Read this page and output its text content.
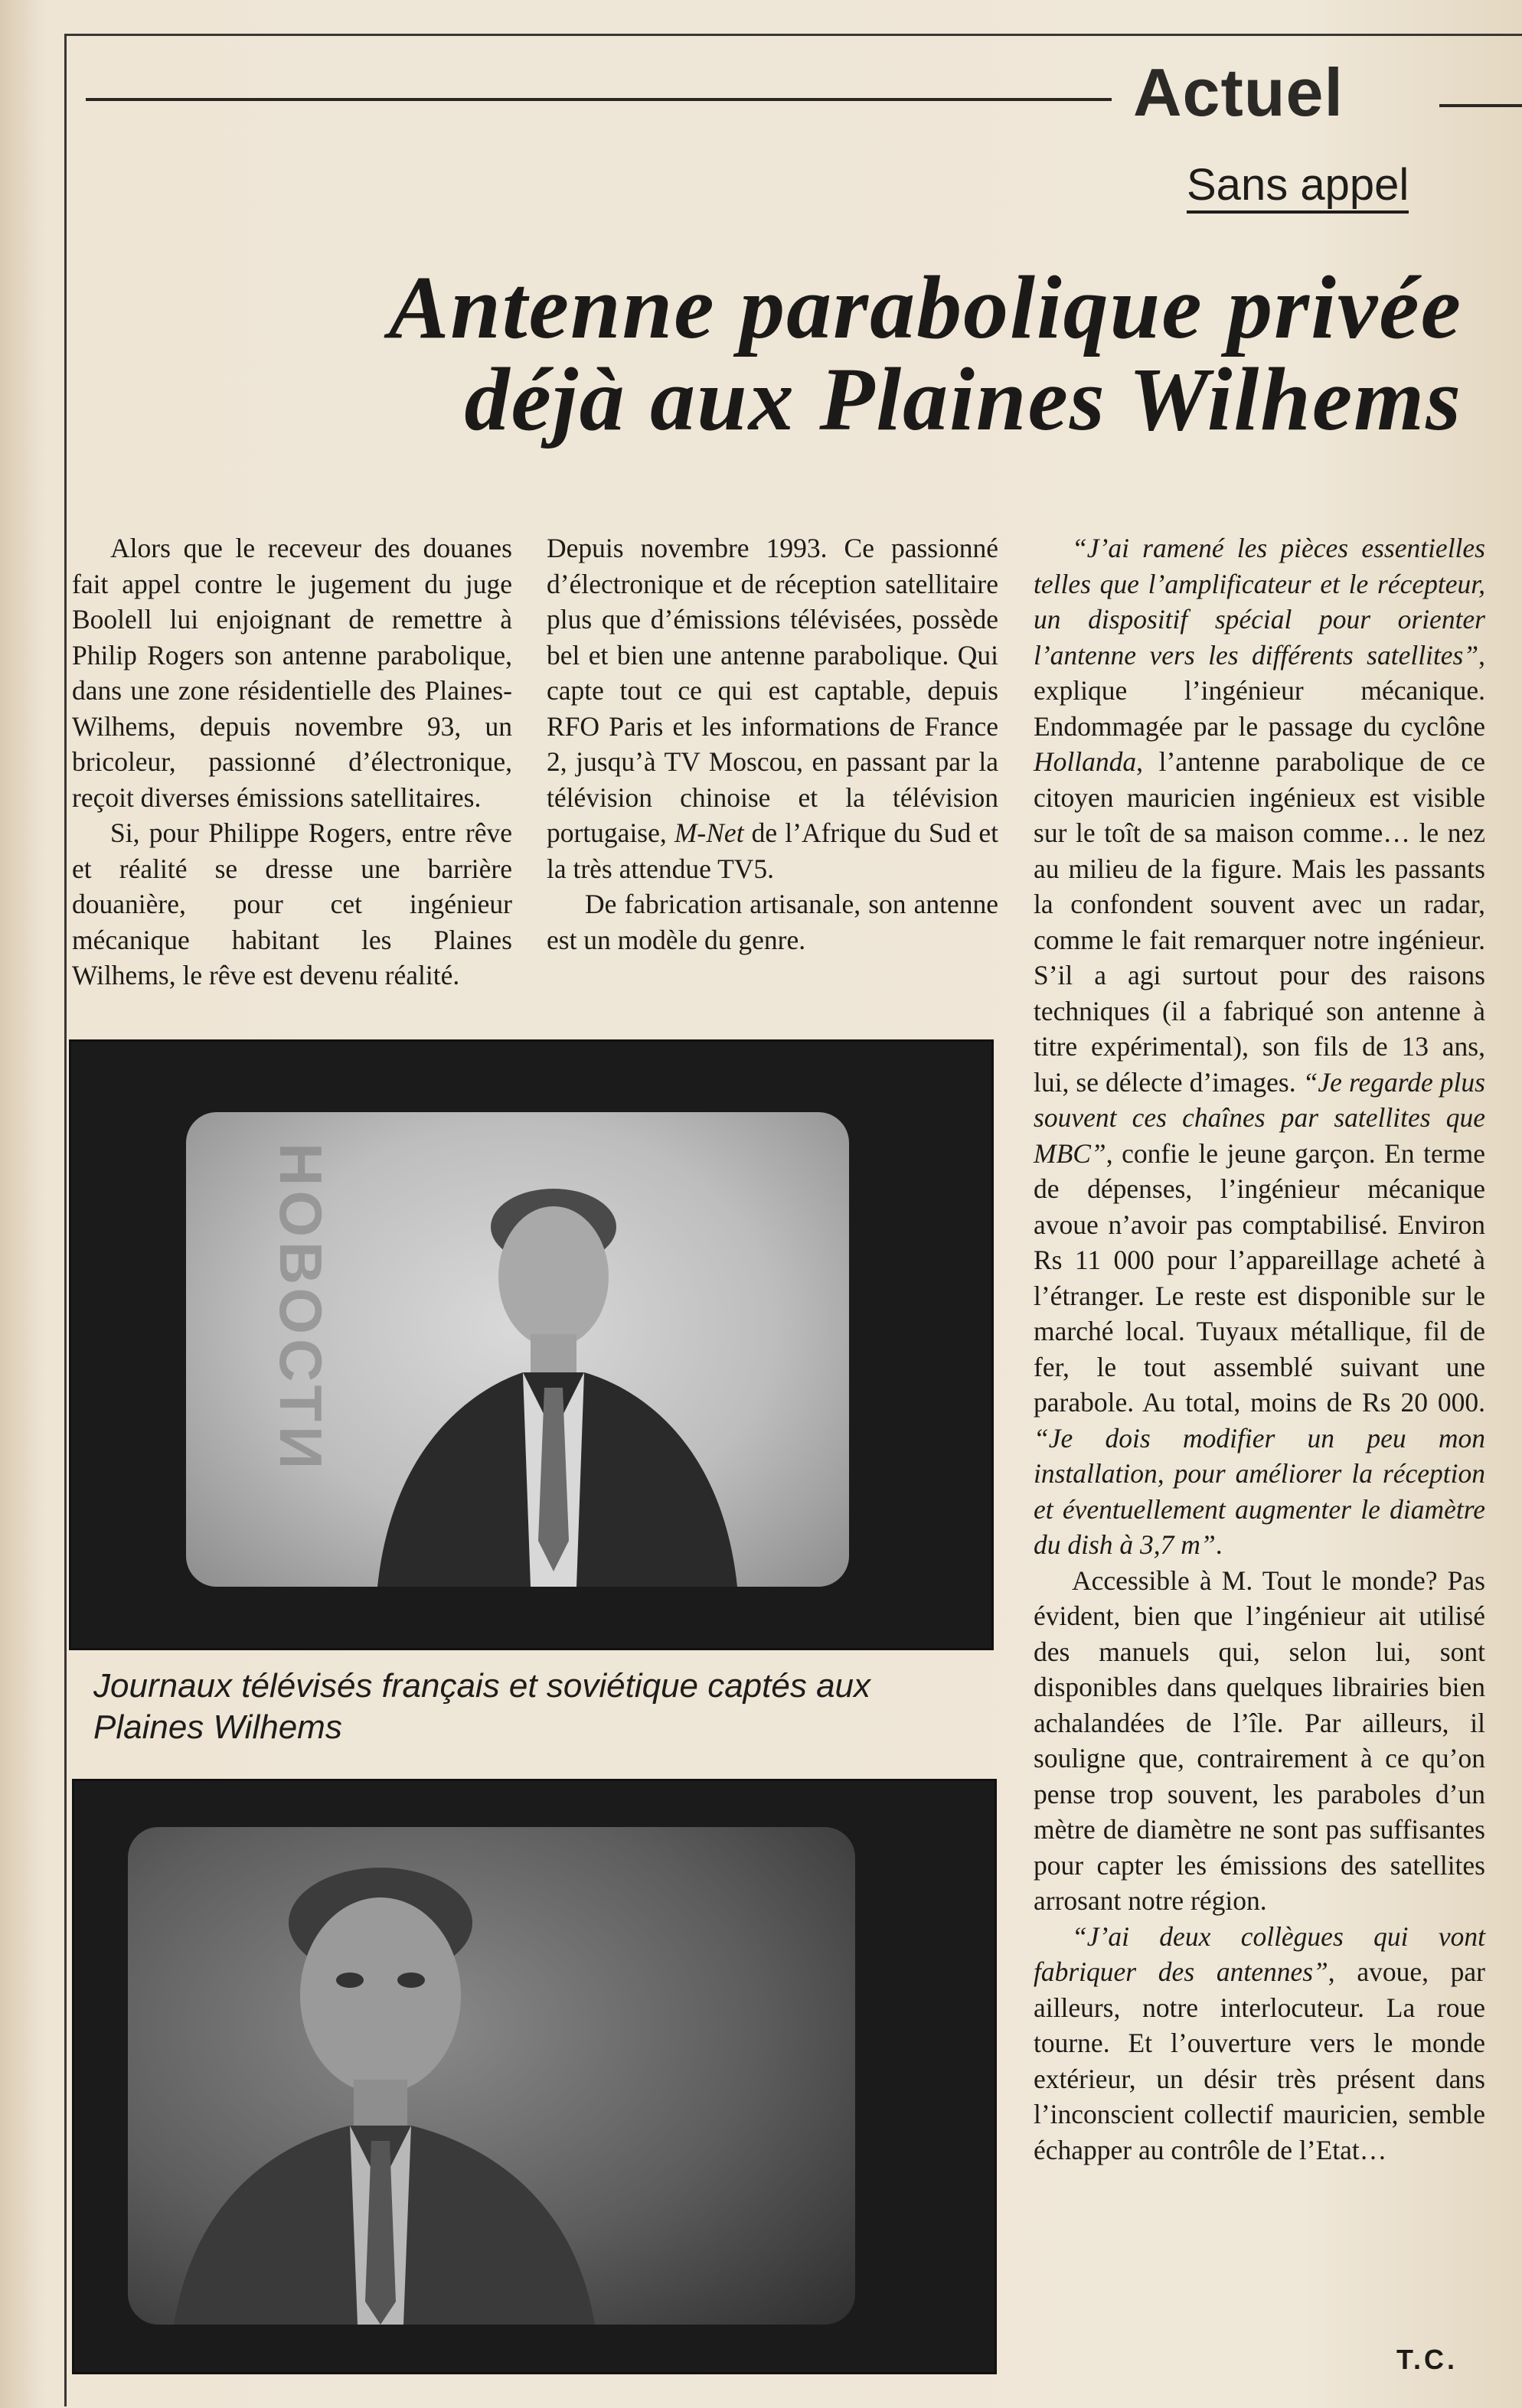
Actuel
Sans appel
Antenne parabolique privée
déjà aux Plaines Wilhems

Alors que le receveur des douanes fait appel contre le jugement du juge Boolell lui enjoignant de remettre à Philip Rogers son antenne parabolique, dans une zone résidentielle des Plaines-Wilhems, depuis novembre 93, un bricoleur, passionné d’électronique, reçoit diverses émissions satellitaires.

Si, pour Philippe Rogers, entre rêve et réalité se dresse une barrière douanière, pour cet ingénieur mécanique habitant les Plaines Wilhems, le rêve est devenu réalité.

Depuis novembre 1993. Ce passionné d’électronique et de réception satellitaire plus que d’émissions télévisées, possède bel et bien une antenne parabolique. Qui capte tout ce qui est captable, depuis RFO Paris et les informations de France 2, jusqu’à TV Moscou, en passant par la télévision chinoise et la télévision portugaise, M-Net de l’Afrique du Sud et la très attendue TV5.

De fabrication artisanale, son antenne est un modèle du genre.

“J’ai ramené les pièces essentielles telles que l’amplificateur et le récepteur, un dispositif spécial pour orienter l’antenne vers les différents satellites”, explique l’ingénieur mécanique. Endommagée par le passage du cyclône Hollanda, l’antenne parabolique de ce citoyen mauricien ingénieux est visible sur le toît de sa maison comme… le nez au milieu de la figure. Mais les passants la confondent souvent avec un radar, comme le fait remarquer notre ingénieur. S’il a agi surtout pour des raisons techniques (il a fabriqué son antenne à titre expérimental), son fils de 13 ans, lui, se délecte d’images. “Je regarde plus souvent ces chaînes par satellites que MBC”, confie le jeune garçon. En terme de dépenses, l’ingénieur mécanique avoue n’avoir pas comptabilisé. Environ Rs 11 000 pour l’appareillage acheté à l’étranger. Le reste est disponible sur le marché local. Tuyaux métallique, fil de fer, le tout assemblé suivant une parabole. Au total, moins de Rs 20 000. “Je dois modifier un peu mon installation, pour améliorer la réception et éventuellement augmenter le diamètre du dish à 3,7 m”.

Accessible à M. Tout le monde? Pas évident, bien que l’ingénieur ait utilisé des manuels qui, selon lui, sont disponibles dans quelques librairies bien achalandées de l’île. Par ailleurs, il souligne que, contrairement à ce qu’on pense trop souvent, les paraboles d’un mètre de diamètre ne sont pas suffisantes pour capter les émissions des satellites arrosant notre région.

“J’ai deux collègues qui vont fabriquer des antennes”, avoue, par ailleurs, notre interlocuteur. La roue tourne. Et l’ouverture vers le monde extérieur, un désir très présent dans l’inconscient collectif mauricien, semble échapper au contrôle de l’Etat…

НОВОСТИ
Journaux télévisés français et soviétique captés aux Plaines Wilhems
T.C.
